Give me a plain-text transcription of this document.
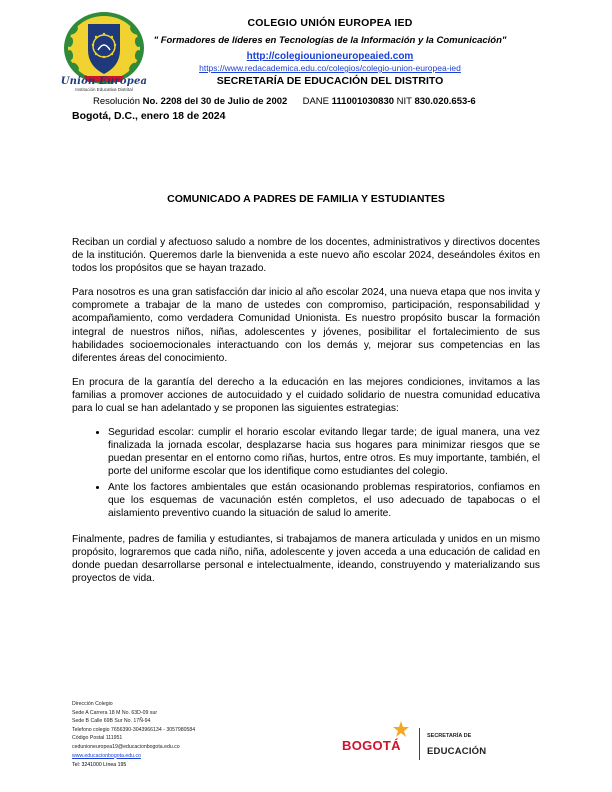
Unión Europea
Institución Educativa Distrital
COLEGIO UNIÓN EUROPEA IED
" Formadores de líderes en Tecnologías de la Información y la Comunicación"
http://colegiounioneuropeaied.com
https://www.redacademica.edu.co/colegios/colegio-union-europea-ied
SECRETARÍA DE EDUCACIÓN DEL DISTRITO
Resolución No. 2208 del 30 de Julio de 2002 DANE 111001030830 NIT 830.020.653-6
Bogotá, D.C., enero 18 de 2024
COMUNICADO A PADRES DE FAMILIA Y ESTUDIANTES

Reciban un cordial y afectuoso saludo a nombre de los docentes, administrativos y directivos docentes de la institución. Queremos darle la bienvenida a este nuevo año escolar 2024, deseándoles éxitos en todos los propósitos que se hayan trazado.

Para nosotros es una gran satisfacción dar inicio al año escolar 2024, una nueva etapa que nos invita y compromete a trabajar de la mano de ustedes con compromiso, participación, responsabilidad y acompañamiento, como verdadera Comunidad Unionista. Es nuestro propósito buscar la formación integral de nuestros niños, niñas, adolescentes y jóvenes, posibilitar el fortalecimiento de sus habilidades socioemocionales interactuando con los demás y, mejorar sus competencias en las diferentes áreas del conocimiento.

En procura de la garantía del derecho a la educación en las mejores condiciones, invitamos a las familias a promover acciones de autocuidado y el cuidado solidario de nuestra comunidad educativa para lo cual se han adelantado y se proponen las siguientes estrategias:

• Seguridad escolar: cumplir el horario escolar evitando llegar tarde; de igual manera, una vez finalizada la jornada escolar, desplazarse hacia sus hogares para minimizar riesgos que se puedan presentar en el entorno como riñas, hurtos, entre otros. Es muy importante, también, el porte del uniforme escolar que los identifique como estudiantes del colegio.
• Ante los factores ambientales que están ocasionando problemas respiratorios, confiamos en que los esquemas de vacunación estén completos, el uso adecuado de tapabocas o el aislamiento preventivo cuando la situación de salud lo amerite.

Finalmente, padres de familia y estudiantes, si trabajamos de manera articulada y unidos en un mismo propósito, lograremos que cada niño, niña, adolescente y joven acceda a una educación de calidad en donde puedan desarrollarse personal e intelectualmente, ideando, construyendo y materializando sus proyectos de vida.

Dirección Colegio
Sede A Carrera 18 M No. 63D-09 sur
Sede B Calle 69B Sur No. 17Ñ-94
Telefono colegio 7656390-3043966134 - 3057980584
Código Postal 111951
cedunioneuropea19@educacionbogota.edu.co
www.educacionbogota.edu.co
Tel: 3241000 Línea 195
BOGOTÁ
SECRETARÍA DE
EDUCACIÓN
